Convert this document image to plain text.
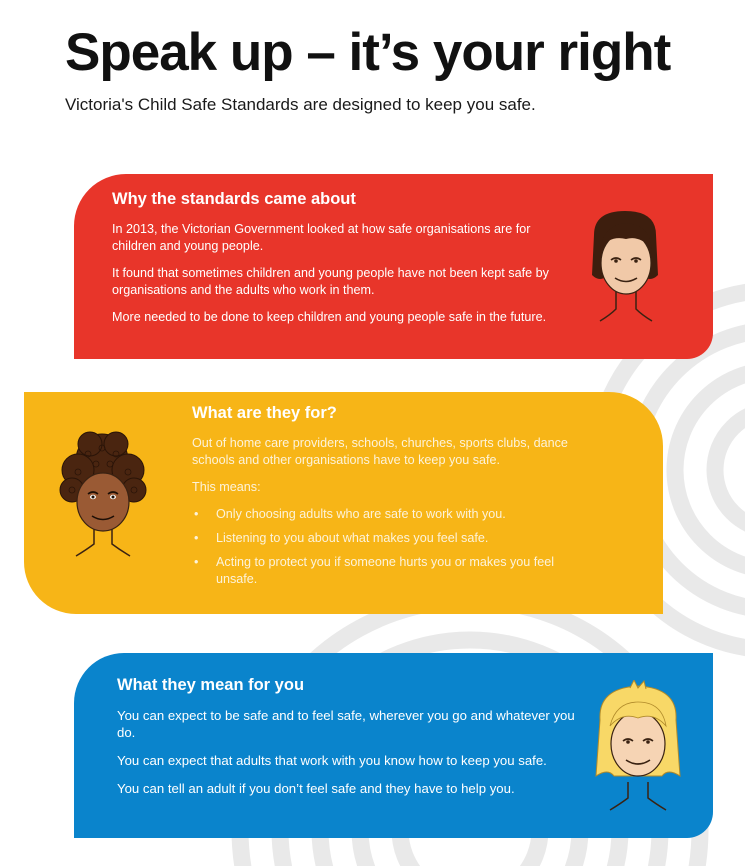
Speak up – it’s your right

Victoria's Child Safe Standards are designed to keep you safe.

Why the standards came about

In 2013, the Victorian Government looked at how safe organisations are for children and young people.

It found that sometimes children and young people have not been kept safe by organisations and the adults who work in them.

More needed to be done to keep children and young people safe in the future.

What are they for?

Out of home care providers, schools, churches, sports clubs, dance schools and other organisations have to keep you safe.

This means:

• Only choosing adults who are safe to work with you.
• Listening to you about what makes you feel safe.
• Acting to protect you if someone hurts you or makes you feel unsafe.
What they mean for you

You can expect to be safe and to feel safe, wherever you go and whatever you do.

You can expect that adults that work with you know how to keep you safe.

You can tell an adult if you don’t feel safe and they have to help you.
